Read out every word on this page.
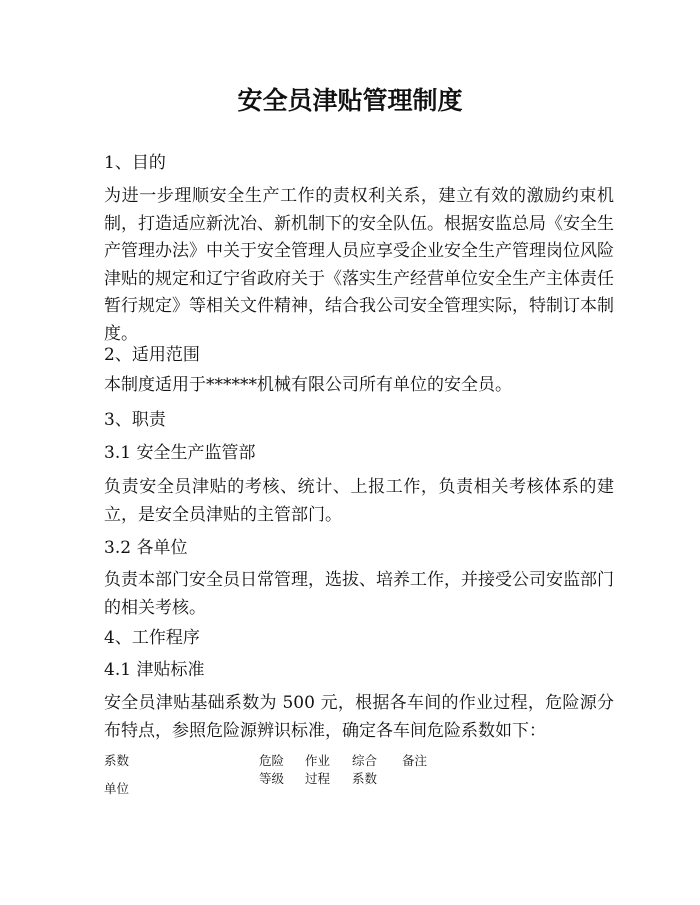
安全员津贴管理制度
1、目的
为进一步理顺安全生产工作的责权利关系，建立有效的激励约束机制，打造适应新沈冶、新机制下的安全队伍。根据安监总局《安全生产管理办法》中关于安全管理人员应享受企业安全生产管理岗位风险津贴的规定和辽宁省政府关于《落实生产经营单位安全生产主体责任暂行规定》等相关文件精神，结合我公司安全管理实际，特制订本制度。
2、适用范围
本制度适用于******机械有限公司所有单位的安全员。
3、职责
3.1 安全生产监管部
负责安全员津贴的考核、统计、上报工作，负责相关考核体系的建立，是安全员津贴的主管部门。
3.2 各单位
负责本部门安全员日常管理，选拔、培养工作，并接受公司安监部门的相关考核。
4、工作程序
4.1 津贴标准
安全员津贴基础系数为 500 元，根据各车间的作业过程，危险源分布特点，参照危险源辨识标准，确定各车间危险系数如下：
系数
单位
危险
等级
作业
过程
综合
系数
备注
